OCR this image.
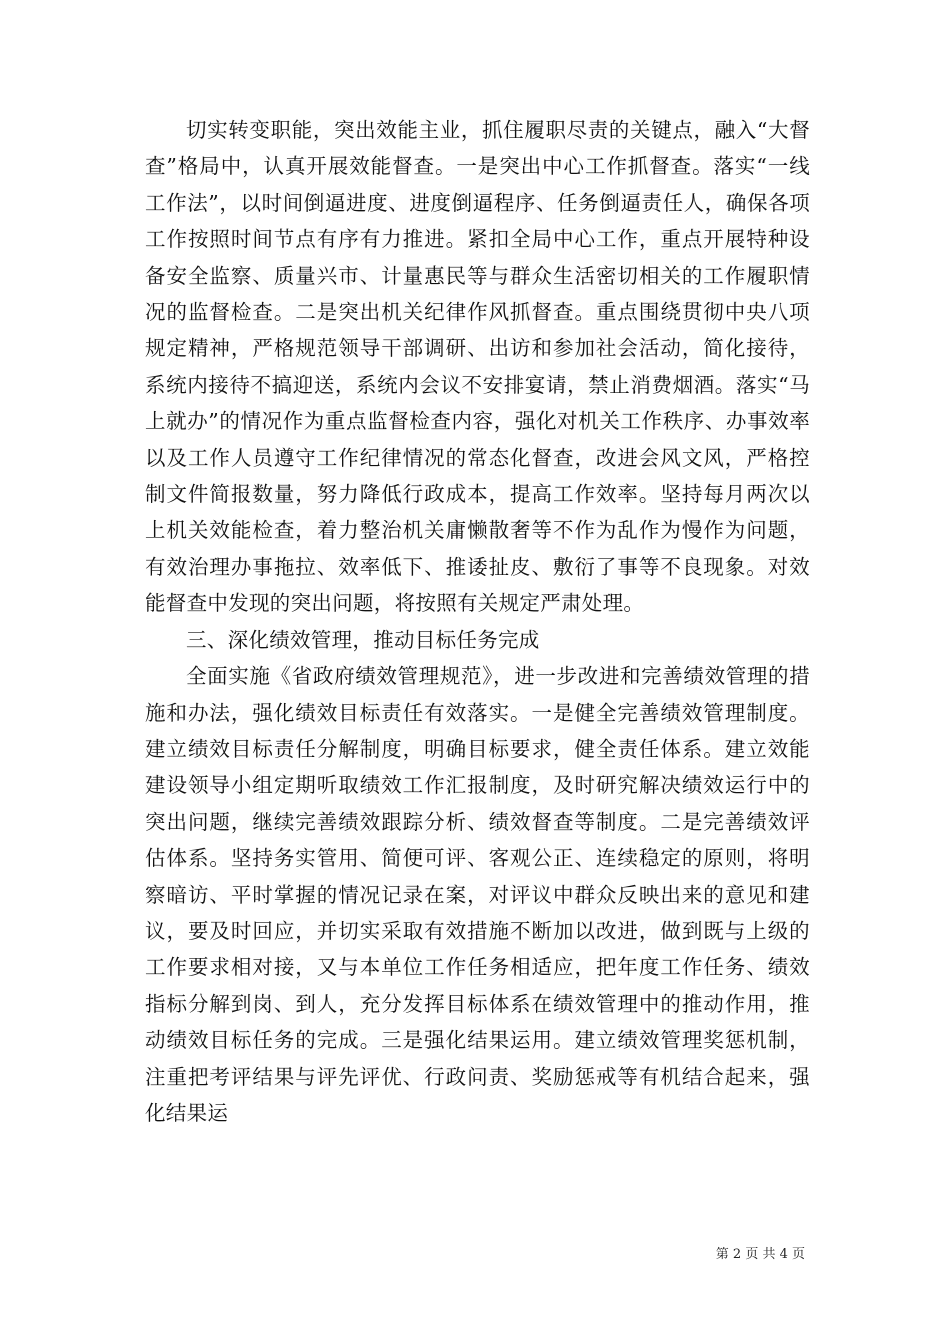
切实转变职能，突出效能主业，抓住履职尽责的关键点，融入“大督查”格局中，认真开展效能督查。一是突出中心工作抓督查。落实“一线工作法”，以时间倒逼进度、进度倒逼程序、任务倒逼责任人，确保各项工作按照时间节点有序有力推进。紧扣全局中心工作，重点开展特种设备安全监察、质量兴市、计量惠民等与群众生活密切相关的工作履职情况的监督检查。二是突出机关纪律作风抓督查。重点围绕贯彻中央八项规定精神，严格规范领导干部调研、出访和参加社会活动，简化接待，系统内接待不搞迎送，系统内会议不安排宴请，禁止消费烟酒。落实“马上就办”的情况作为重点监督检查内容，强化对机关工作秩序、办事效率以及工作人员遵守工作纪律情况的常态化督查，改进会风文风，严格控制文件简报数量，努力降低行政成本，提高工作效率。坚持每月两次以上机关效能检查，着力整治机关庸懒散奢等不作为乱作为慢作为问题，有效治理办事拖拉、效率低下、推诿扯皮、敷衍了事等不良现象。对效能督查中发现的突出问题，将按照有关规定严肃处理。

三、深化绩效管理，推动目标任务完成

全面实施《省政府绩效管理规范》，进一步改进和完善绩效管理的措施和办法，强化绩效目标责任有效落实。一是健全完善绩效管理制度。建立绩效目标责任分解制度，明确目标要求，健全责任体系。建立效能建设领导小组定期听取绩效工作汇报制度，及时研究解决绩效运行中的突出问题，继续完善绩效跟踪分析、绩效督查等制度。二是完善绩效评估体系。坚持务实管用、简便可评、客观公正、连续稳定的原则，将明察暗访、平时掌握的情况记录在案，对评议中群众反映出来的意见和建议，要及时回应，并切实采取有效措施不断加以改进，做到既与上级的工作要求相对接，又与本单位工作任务相适应，把年度工作任务、绩效指标分解到岗、到人，充分发挥目标体系在绩效管理中的推动作用，推动绩效目标任务的完成。三是强化结果运用。建立绩效管理奖惩机制，注重把考评结果与评先评优、行政问责、奖励惩戒等有机结合起来，强化结果运

第 2 页 共 4 页
